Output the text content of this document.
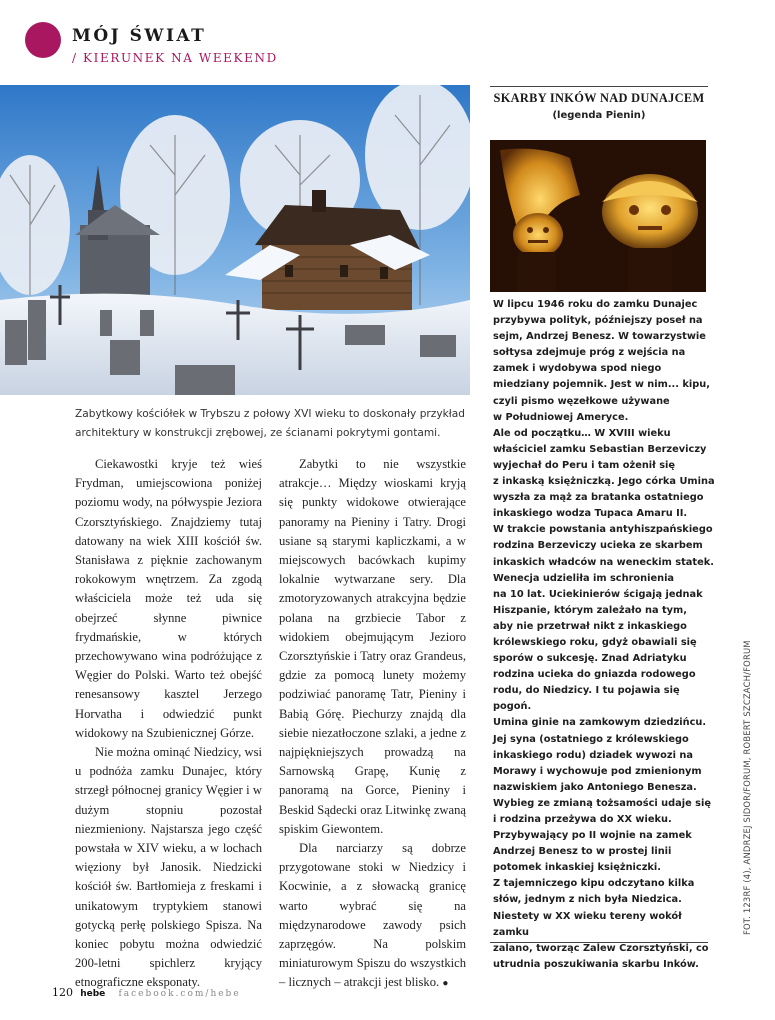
MÓJ ŚWIAT

/ KIERUNEK NA WEEKEND

Zabytkowy kościółek w Trybszu z połowy XVI wieku to doskonały przykład architektury w konstrukcji zrębowej, ze ścianami pokrytymi gontami.

Ciekawostki kryje też wieś Frydman, umiejscowiona poniżej poziomu wody, na półwyspie Jeziora Czorsztyńskiego. Znajdziemy tutaj datowany na wiek XIII kościół św. Stanisława z pięknie zachowanym rokokowym wnętrzem. Za zgodą właściciela może też uda się obejrzeć słynne piwnice frydmańskie, w których przechowywano wina podróżujące z Węgier do Polski. Warto też obejść renesansowy kasztel Jerzego Horvatha i odwiedzić punkt widokowy na Szubienicznej Górze.

Nie można ominąć Niedzicy, wsi u podnóża zamku Dunajec, który strzegł północnej granicy Węgier i w dużym stopniu pozostał niezmieniony. Najstarsza jego część powstała w XIV wieku, a w lochach więziony był Janosik. Niedzicki kościół św. Bartłomieja z freskami i unikatowym tryptykiem stanowi gotycką perłę polskiego Spisza. Na koniec pobytu można odwiedzić 200-letni spichlerz kryjący etnograficzne eksponaty.

Zabytki to nie wszystkie atrakcje… Między wioskami kryją się punkty widokowe otwierające panoramy na Pieniny i Tatry. Drogi usiane są starymi kapliczkami, a w miejscowych bacówkach kupimy lokalnie wytwarzane sery. Dla zmotoryzowanych atrakcyjna będzie polana na grzbiecie Tabor z widokiem obejmującym Jezioro Czorsztyńskie i Tatry oraz Grandeus, gdzie za pomocą lunety możemy podziwiać panoramę Tatr, Pieniny i Babią Górę. Piechurzy znajdą dla siebie niezatłoczone szlaki, a jedne z najpiękniejszych prowadzą na Sarnowską Grapę, Kunię z panoramą na Gorce, Pieniny i Beskid Sądecki oraz Litwinkę zwaną spiskim Giewontem.

Dla narciarzy są dobrze przygotowane stoki w Niedzicy i Kocwinie, a z słowacką granicę warto wybrać się na międzynarodowe zawody psich zaprzęgów. Na polskim miniaturowym Spiszu do wszystkich – licznych – atrakcji jest blisko. ●

SKARBY INKÓW NAD DUNAJCEM

(legenda Pienin)

W lipcu 1946 roku do zamku Dunajec
przybywa polityk, późniejszy poseł na
sejm, Andrzej Benesz. W towarzystwie
sołtysa zdejmuje próg z wejścia na
zamek i wydobywa spod niego
miedziany pojemnik. Jest w nim... kipu,
czyli pismo węzełkowe używane
w Południowej Ameryce.
Ale od początku… W XVIII wieku
właściciel zamku Sebastian Berzeviczy
wyjechał do Peru i tam ożenił się
z inkaską księżniczką. Jego córka Umina
wyszła za mąż za bratanka ostatniego
inkaskiego wodza Tupaca Amaru II.
W trakcie powstania antyhiszpańskiego
rodzina Berzeviczy ucieka ze skarbem
inkaskich władców na weneckim statek.
Wenecja udzieliła im schronienia
na 10 lat. Uciekinierów ścigają jednak
Hiszpanie, którym zależało na tym,
aby nie przetrwał nikt z inkaskiego
królewskiego roku, gdyż obawiali się
sporów o sukcesję. Znad Adriatyku
rodzina ucieka do gniazda rodowego
rodu, do Niedzicy. I tu pojawia się pogoń.
Umina ginie na zamkowym dziedzińcu.
Jej syna (ostatniego z królewskiego
inkaskiego rodu) dziadek wywozi na
Morawy i wychowuje pod zmienionym
nazwiskiem jako Antoniego Benesza.
Wybieg ze zmianą tożsamości udaje się
i rodzina przeżywa do XX wieku.
Przybywający po II wojnie na zamek
Andrzej Benesz to w prostej linii
potomek inkaskiej księżniczki.
Z tajemniczego kipu odczytano kilka
słów, jednym z nich była Niedzica.
Niestety w XX wieku tereny wokół zamku
zalano, tworząc Zalew Czorsztyński, co
utrudnia poszukiwania skarbu Inków.

FOT. 123RF (4), ANDRZEJ SIDOR/FORUM, ROBERT SZCZACH/FORUM

120 hebe facebook.com/hebe
